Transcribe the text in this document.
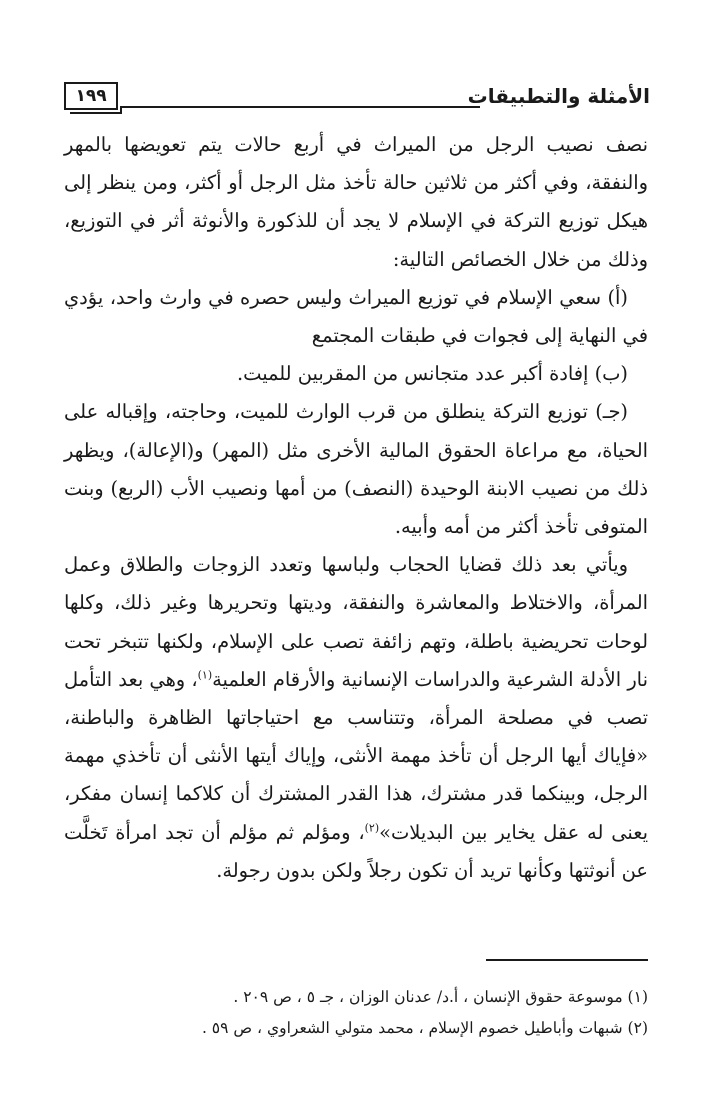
الأمثلة والتطبيقات
١٩٩

نصف نصيب الرجل من الميراث في أربع حالات يتم تعويضها بالمهر والنفقة، وفي أكثر من ثلاثين حالة تأخذ مثل الرجل أو أكثر، ومن ينظر إلى هيكل توزيع التركة في الإسلام لا يجد أن للذكورة والأنوثة أثر في التوزيع، وذلك من خلال الخصائص التالية:

(أ) سعي الإسلام في توزيع الميراث وليس حصره في وارث واحد، يؤدي في النهاية إلى فجوات في طبقات المجتمع

(ب) إفادة أكبر عدد متجانس من المقربين للميت.

(جـ) توزيع التركة ينطلق من قرب الوارث للميت، وحاجته، وإقباله على الحياة، مع مراعاة الحقوق المالية الأخرى مثل (المهر) و(الإعالة)، ويظهر ذلك من نصيب الابنة الوحيدة (النصف) من أمها ونصيب الأب (الربع) وبنت المتوفى تأخذ أكثر من أمه وأبيه.

ويأتي بعد ذلك قضايا الحجاب ولباسها وتعدد الزوجات والطلاق وعمل المرأة، والاختلاط والمعاشرة والنفقة، وديتها وتحريرها وغير ذلك، وكلها لوحات تحريضية باطلة، وتهم زائفة تصب على الإسلام، ولكنها تتبخر تحت نار الأدلة الشرعية والدراسات الإنسانية والأرقام العلمية$^{(١)}$، وهي بعد التأمل تصب في مصلحة المرأة، وتتناسب مع احتياجاتها الظاهرة والباطنة، «فإياك أيها الرجل أن تأخذ مهمة الأنثى، وإياك أيتها الأنثى أن تأخذي مهمة الرجل، وبينكما قدر مشترك، هذا القدر المشترك أن كلاكما إنسان مفكر، يعنى له عقل يخاير بين البديلات»$^{(٢)}$، ومؤلم ثم مؤلم أن تجد امرأة تَخلَّت عن أنوثتها وكأنها تريد أن تكون رجلاً ولكن بدون رجولة.

(١) موسوعة حقوق الإنسان ، أ.د/ عدنان الوزان ، جـ ٥ ، ص ٢٠٩ .

(٢) شبهات وأباطيل خصوم الإسلام ، محمد متولي الشعراوي ، ص ٥٩ .
